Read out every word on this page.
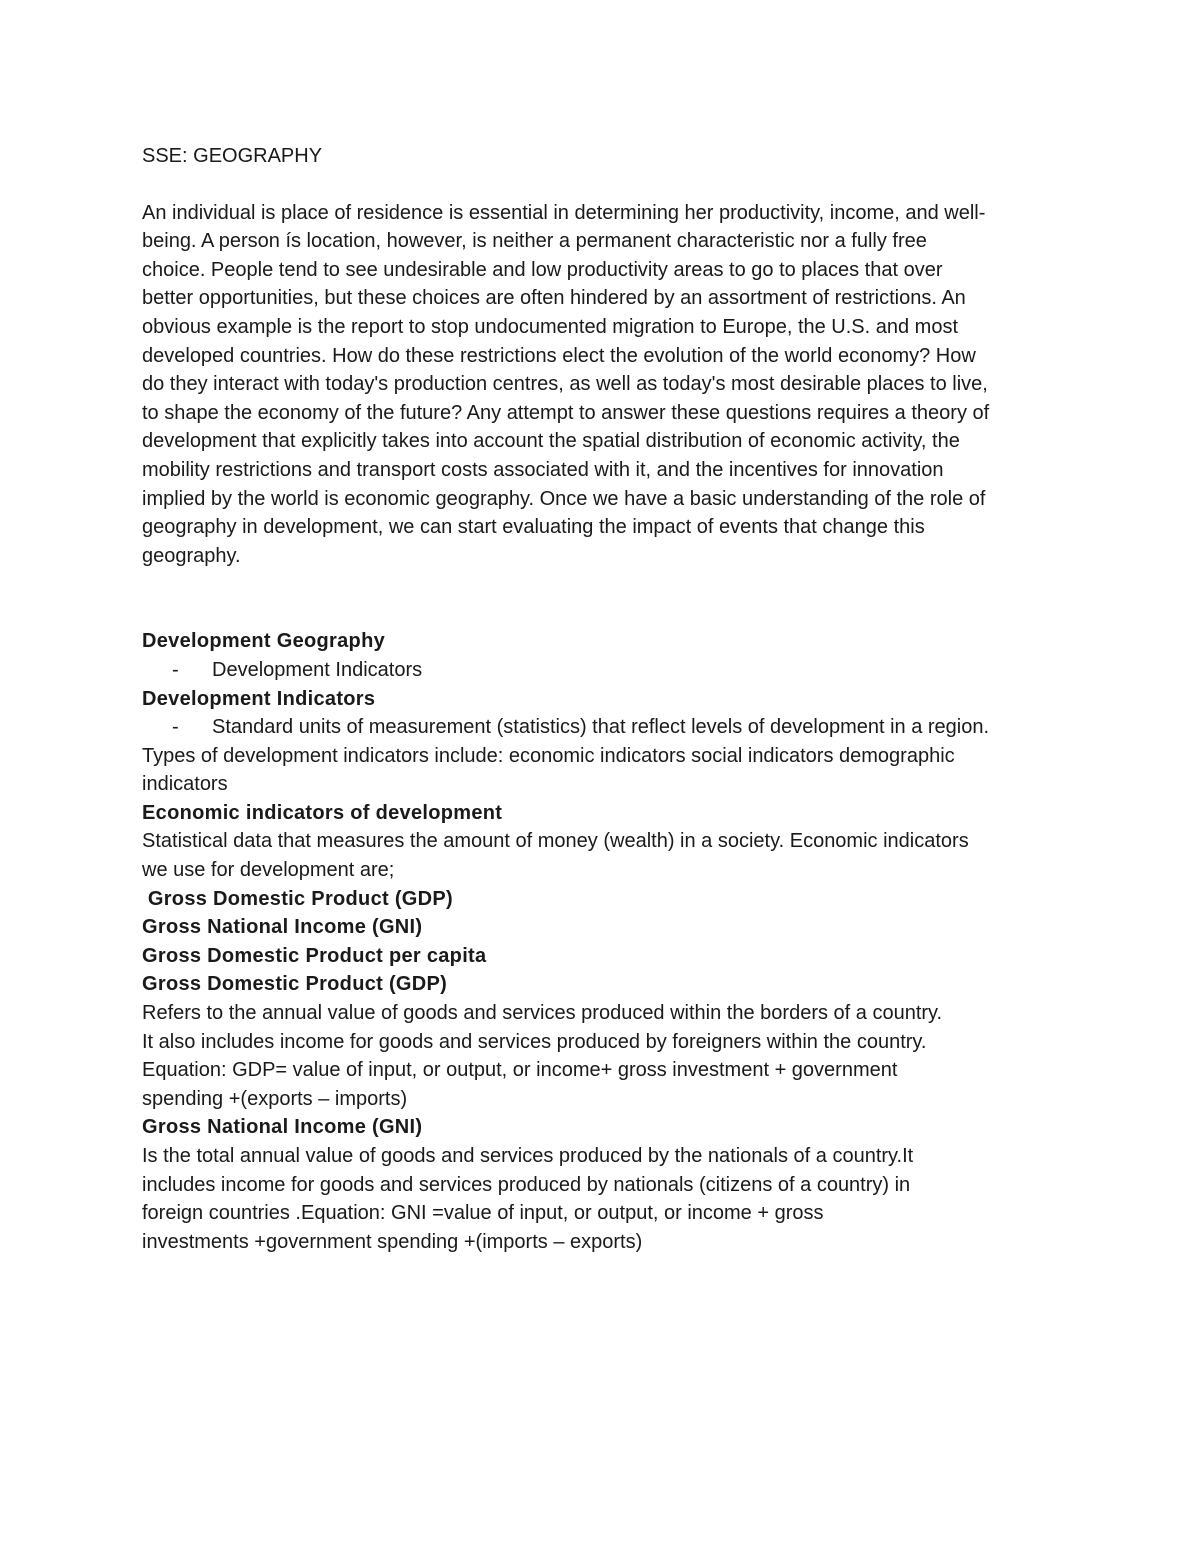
SSE: GEOGRAPHY
An individual is place of residence is essential in determining her productivity, income, and well-
being. A person ís location, however, is neither a permanent characteristic nor a fully free
choice. People tend to see undesirable and low productivity areas to go to places that over
better opportunities, but these choices are often hindered by an assortment of restrictions. An
obvious example is the report to stop undocumented migration to Europe, the U.S. and most
developed countries. How do these restrictions elect the evolution of the world economy? How
do they interact with today's production centres, as well as today's most desirable places to live,
to shape the economy of the future? Any attempt to answer these questions requires a theory of
development that explicitly takes into account the spatial distribution of economic activity, the
mobility restrictions and transport costs associated with it, and the incentives for innovation
implied by the world is economic geography. Once we have a basic understanding of the role of
geography in development, we can start evaluating the impact of events that change this
geography.
Development Geography
- Development Indicators
Development Indicators
- Standard units of measurement (statistics) that reflect levels of development in a region.
Types of development indicators include: economic indicators social indicators demographic
indicators
Economic indicators of development
Statistical data that measures the amount of money (wealth) in a society. Economic indicators
we use for development are;
Gross Domestic Product (GDP)
Gross National Income (GNI)
Gross Domestic Product per capita
Gross Domestic Product (GDP)
Refers to the annual value of goods and services produced within the borders of a country.
It also includes income for goods and services produced by foreigners within the country.
Equation: GDP= value of input, or output, or income+ gross investment + government
spending +(exports – imports)
Gross National Income (GNI)
Is the total annual value of goods and services produced by the nationals of a country.It
includes income for goods and services produced by nationals (citizens of a country) in
foreign countries .Equation: GNI =value of input, or output, or income + gross
investments +government spending +(imports – exports)
